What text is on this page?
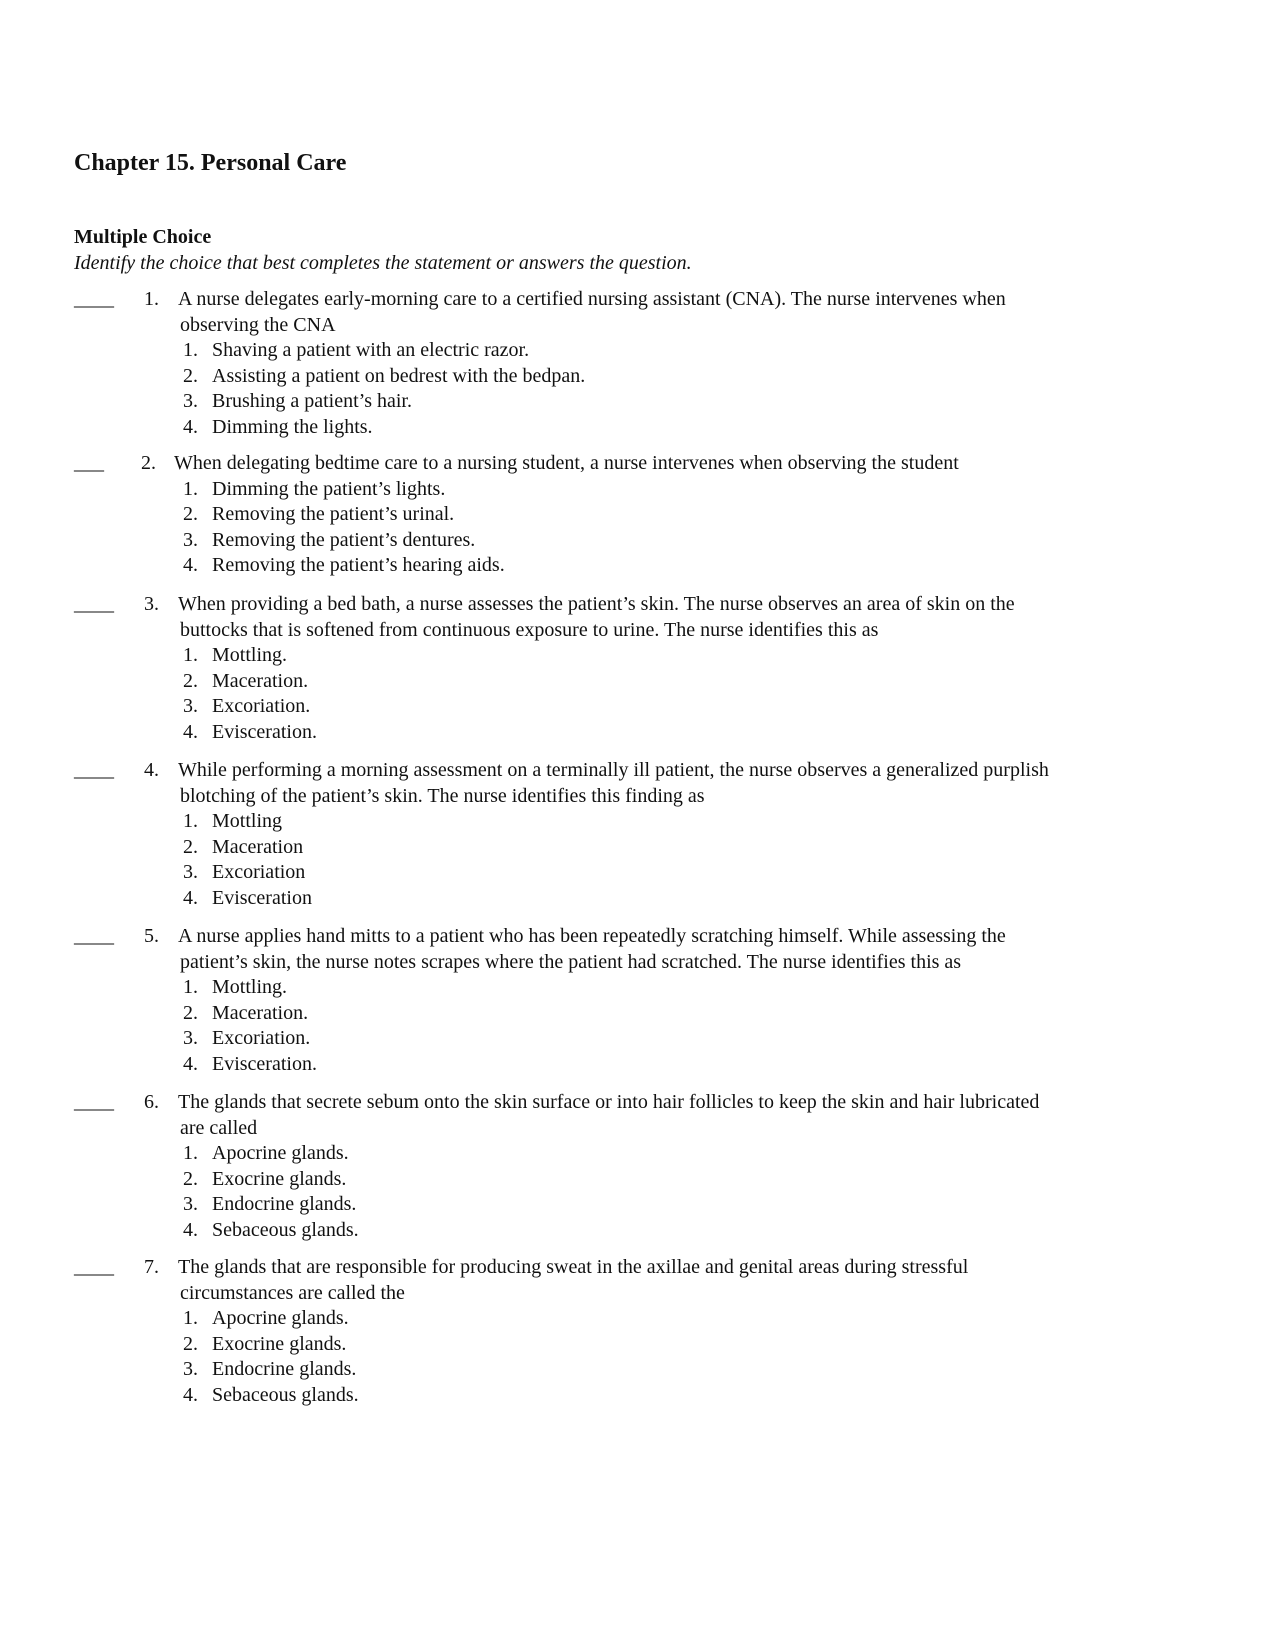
Chapter 15. Personal Care
Multiple Choice
Identify the choice that best completes the statement or answers the question.
____	1. A nurse delegates early-morning care to a certified nursing assistant (CNA). The nurse intervenes when
observing the CNA
1. Shaving a patient with an electric razor.
2. Assisting a patient on bedrest with the bedpan.
3. Brushing a patient’s hair.
4. Dimming the lights.
___	2. When delegating bedtime care to a nursing student, a nurse intervenes when observing the student
1. Dimming the patient’s lights.
2. Removing the patient’s urinal.
3. Removing the patient’s dentures.
4. Removing the patient’s hearing aids.
____	3. When providing a bed bath, a nurse assesses the patient’s skin. The nurse observes an area of skin on the
buttocks that is softened from continuous exposure to urine. The nurse identifies this as
1. Mottling.
2. Maceration.
3. Excoriation.
4. Evisceration.
____	4. While performing a morning assessment on a terminally ill patient, the nurse observes a generalized purplish
blotching of the patient’s skin. The nurse identifies this finding as
1. Mottling
2. Maceration
3. Excoriation
4. Evisceration
____	5. A nurse applies hand mitts to a patient who has been repeatedly scratching himself. While assessing the
patient’s skin, the nurse notes scrapes where the patient had scratched. The nurse identifies this as
1. Mottling.
2. Maceration.
3. Excoriation.
4. Evisceration.
____	6. The glands that secrete sebum onto the skin surface or into hair follicles to keep the skin and hair lubricated
are called
1. Apocrine glands.
2. Exocrine glands.
3. Endocrine glands.
4. Sebaceous glands.
____	7. The glands that are responsible for producing sweat in the axillae and genital areas during stressful
circumstances are called the
1. Apocrine glands.
2. Exocrine glands.
3. Endocrine glands.
4. Sebaceous glands.
